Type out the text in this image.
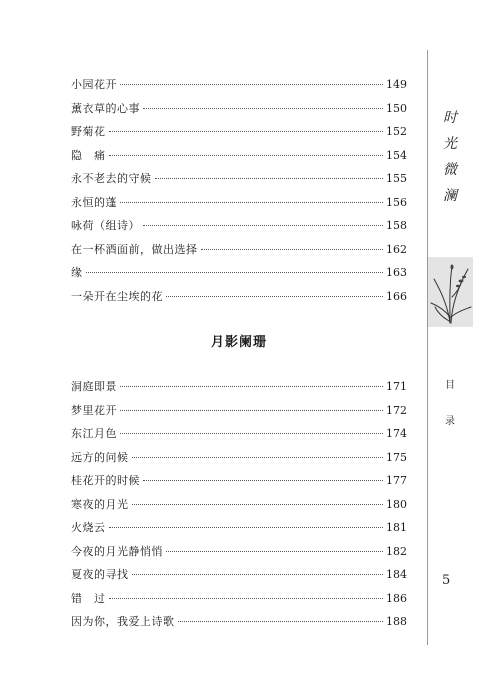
小园花开	149
薰衣草的心事	150
野菊花	152
隐　痛	154
永不老去的守候	155
永恒的蓬	156
咏荷（组诗）	158
在一杯酒面前，做出选择	162
缘	163
一朵开在尘埃的花	166
月影阑珊
洞庭即景	171
梦里花开	172
东江月色	174
远方的问候	175
桂花开的时候	177
寒夜的月光	180
火烧云	181
今夜的月光静悄悄	182
夏夜的寻找	184
错　过	186
因为你，我爱上诗歌	188
时
光
微
澜
目
录
5
